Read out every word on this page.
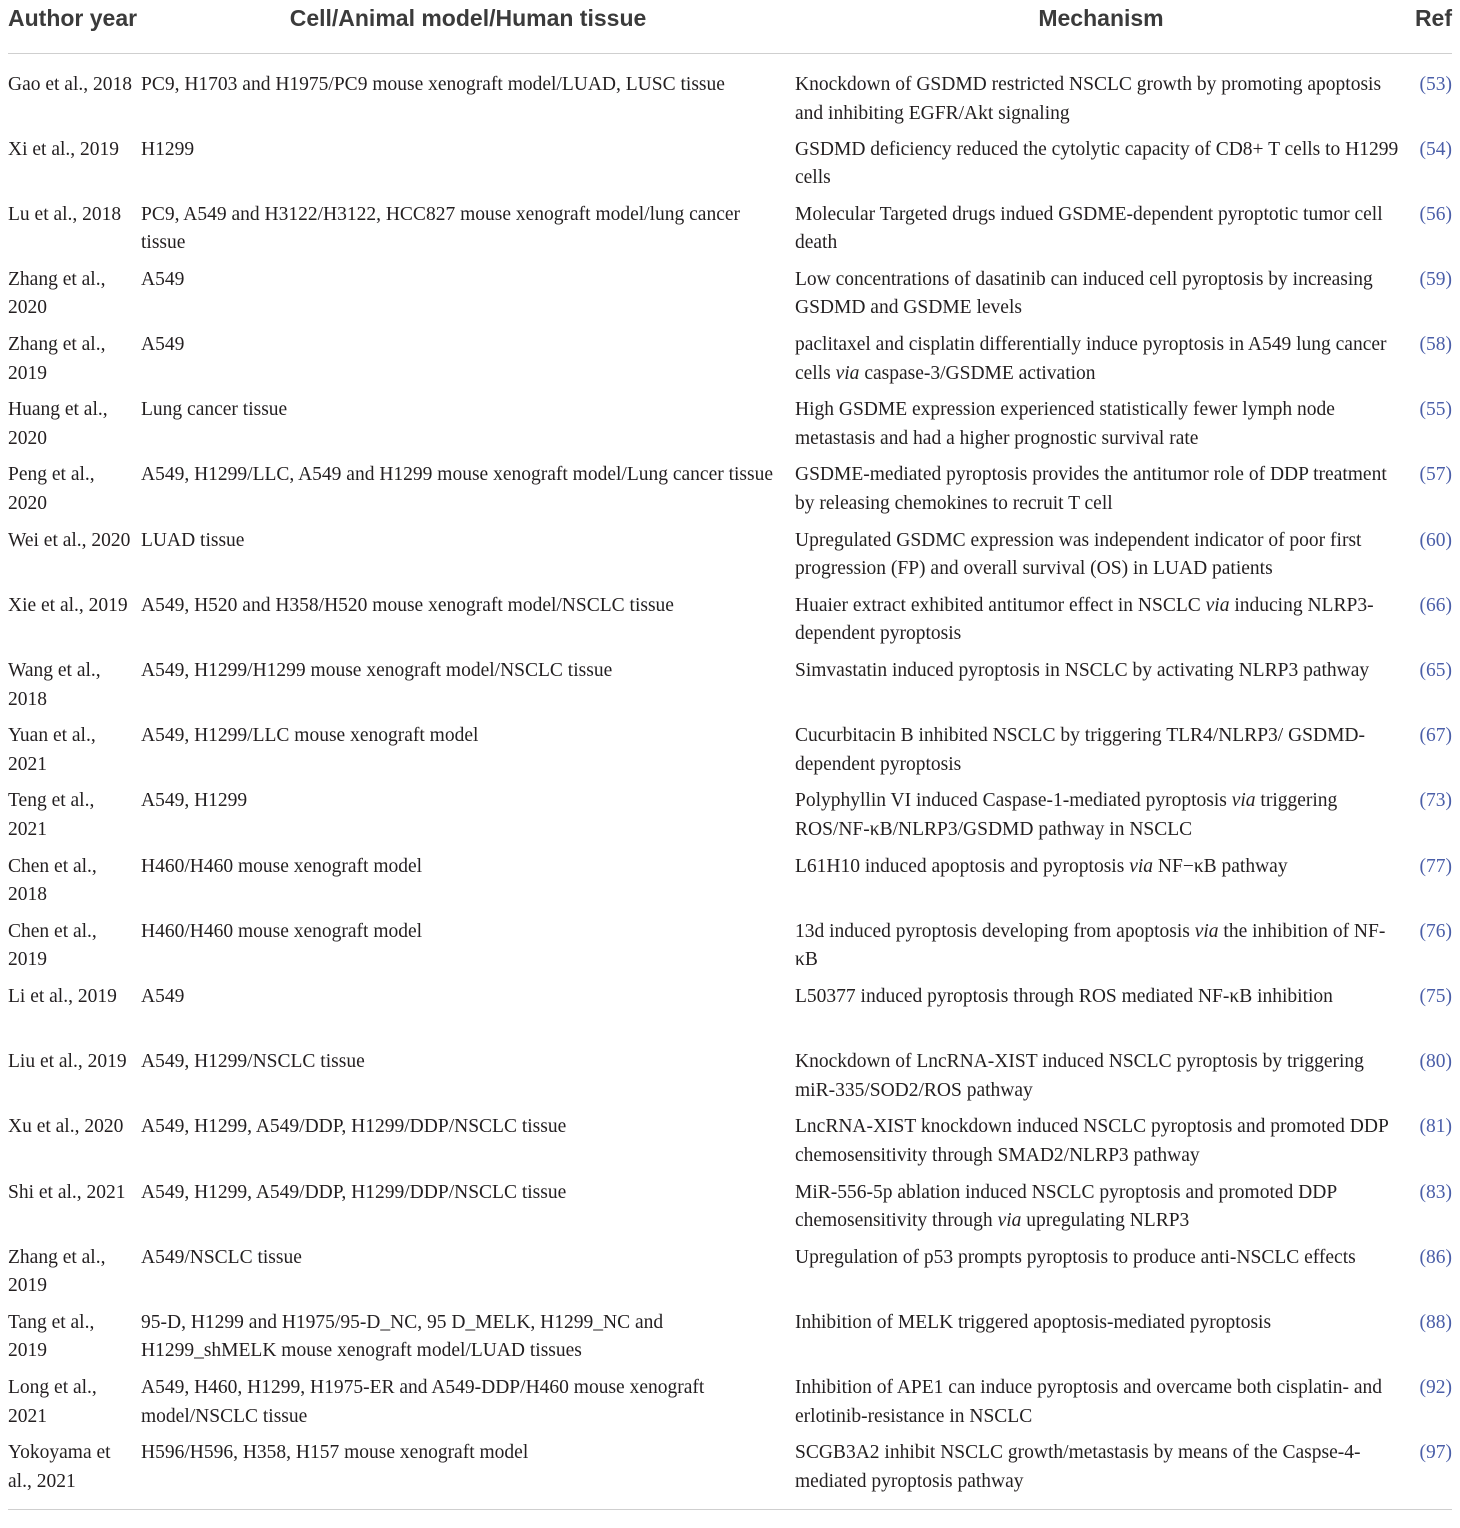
Author year	Cell/Animal model/Human tissue	Mechanism	Ref
Gao et al., 2018	PC9, H1703 and H1975/PC9 mouse xenograft model/LUAD, LUSC tissue	Knockdown of GSDMD restricted NSCLC growth by promoting apoptosis and inhibiting EGFR/Akt signaling	(53)
Xi et al., 2019	H1299	GSDMD deficiency reduced the cytolytic capacity of CD8+ T cells to H1299 cells	(54)
Lu et al., 2018	PC9, A549 and H3122/H3122, HCC827 mouse xenograft model/lung cancer tissue	Molecular Targeted drugs indued GSDME-dependent pyroptotic tumor cell death	(56)
Zhang et al., 2020	A549	Low concentrations of dasatinib can induced cell pyroptosis by increasing GSDMD and GSDME levels	(59)
Zhang et al., 2019	A549	paclitaxel and cisplatin differentially induce pyroptosis in A549 lung cancer cells via caspase-3/GSDME activation	(58)
Huang et al., 2020	Lung cancer tissue	High GSDME expression experienced statistically fewer lymph node metastasis and had a higher prognostic survival rate	(55)
Peng et al., 2020	A549, H1299/LLC, A549 and H1299 mouse xenograft model/Lung cancer tissue	GSDME-mediated pyroptosis provides the antitumor role of DDP treatment by releasing chemokines to recruit T cell	(57)
Wei et al., 2020	LUAD tissue	Upregulated GSDMC expression was independent indicator of poor first progression (FP) and overall survival (OS) in LUAD patients	(60)
Xie et al., 2019	A549, H520 and H358/H520 mouse xenograft model/NSCLC tissue	Huaier extract exhibited antitumor effect in NSCLC via inducing NLRP3-dependent pyroptosis	(66)
Wang et al., 2018	A549, H1299/H1299 mouse xenograft model/NSCLC tissue	Simvastatin induced pyroptosis in NSCLC by activating NLRP3 pathway	(65)
Yuan et al., 2021	A549, H1299/LLC mouse xenograft model	Cucurbitacin B inhibited NSCLC by triggering TLR4/NLRP3/ GSDMD-dependent pyroptosis	(67)
Teng et al., 2021	A549, H1299	Polyphyllin VI induced Caspase-1-mediated pyroptosis via triggering ROS/NF-κB/NLRP3/GSDMD pathway in NSCLC	(73)
Chen et al., 2018	H460/H460 mouse xenograft model	L61H10 induced apoptosis and pyroptosis via NF−κB pathway	(77)
Chen et al., 2019	H460/H460 mouse xenograft model	13d induced pyroptosis developing from apoptosis via the inhibition of NF-κB	(76)
Li et al., 2019	A549	L50377 induced pyroptosis through ROS mediated NF-κB inhibition	(75)
Liu et al., 2019	A549, H1299/NSCLC tissue	Knockdown of LncRNA-XIST induced NSCLC pyroptosis by triggering miR-335/SOD2/ROS pathway	(80)
Xu et al., 2020	A549, H1299, A549/DDP, H1299/DDP/NSCLC tissue	LncRNA-XIST knockdown induced NSCLC pyroptosis and promoted DDP chemosensitivity through SMAD2/NLRP3 pathway	(81)
Shi et al., 2021	A549, H1299, A549/DDP, H1299/DDP/NSCLC tissue	MiR-556-5p ablation induced NSCLC pyroptosis and promoted DDP chemosensitivity through via upregulating NLRP3	(83)
Zhang et al., 2019	A549/NSCLC tissue	Upregulation of p53 prompts pyroptosis to produce anti-NSCLC effects	(86)
Tang et al., 2019	95-D, H1299 and H1975/95-D_NC, 95 D_MELK, H1299_NC and H1299_shMELK mouse xenograft model/LUAD tissues	Inhibition of MELK triggered apoptosis-mediated pyroptosis	(88)
Long et al., 2021	A549, H460, H1299, H1975-ER and A549-DDP/H460 mouse xenograft model/NSCLC tissue	Inhibition of APE1 can induce pyroptosis and overcame both cisplatin- and erlotinib-resistance in NSCLC	(92)
Yokoyama et al., 2021	H596/H596, H358, H157 mouse xenograft model	SCGB3A2 inhibit NSCLC growth/metastasis by means of the Caspse-4-mediated pyroptosis pathway	(97)
